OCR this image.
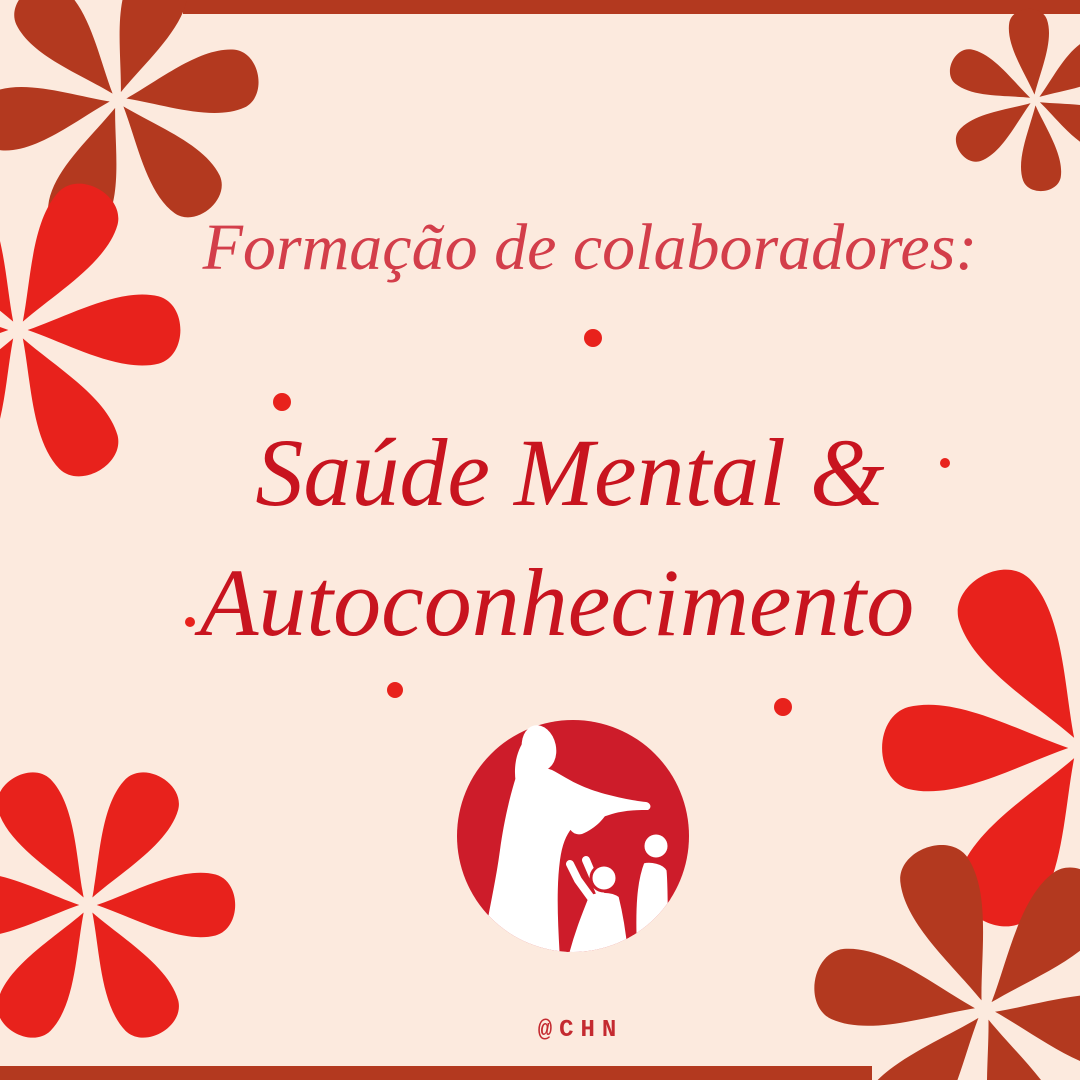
Formação de colaboradores:
Saúde Mental &
Autoconhecimento
@CHN
